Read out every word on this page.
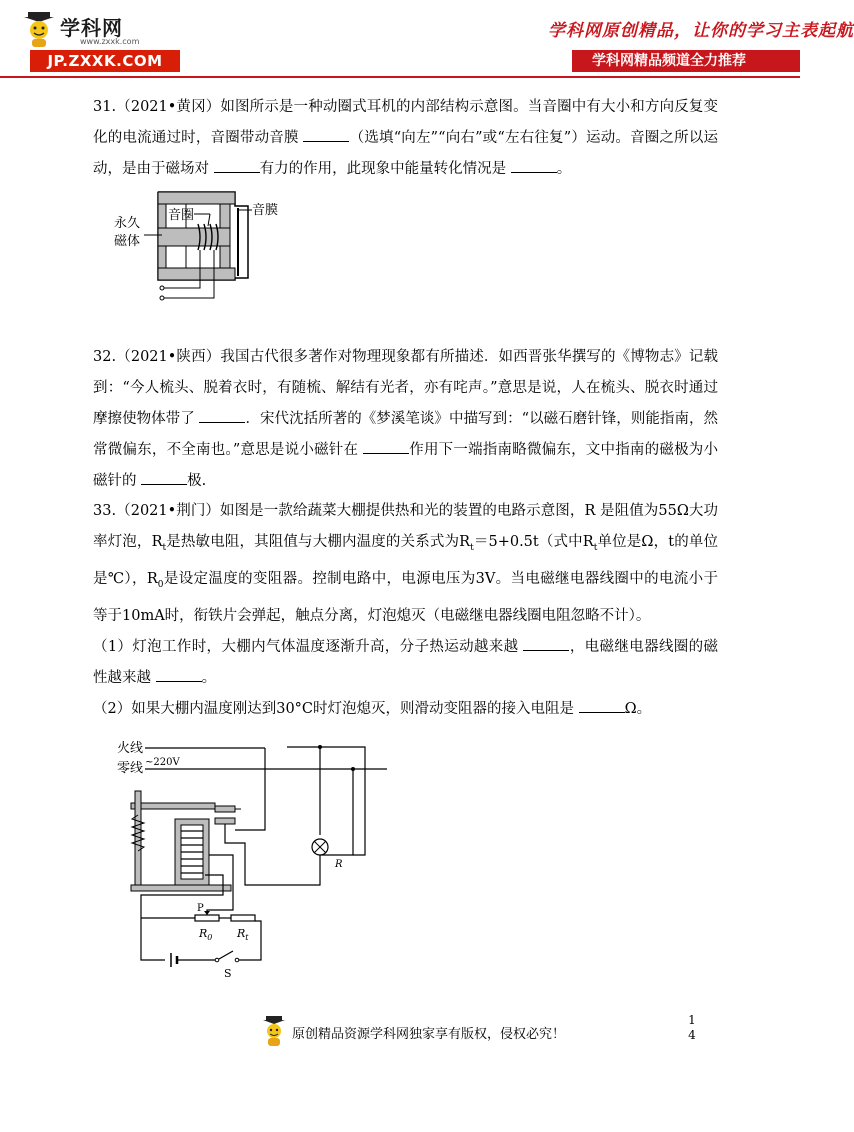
学科网
www.zxxk.com
JP.ZXXK.COM
学科网原创精品，让你的学习主表起航
学科网精品频道全力推荐

31.（2021•黄冈）如图所示是一种动圈式耳机的内部结构示意图。当音圈中有大小和方向反复变化的电流通过时，音圈带动音膜	（选填“向左”“向右”或“左右往复”）运动。音圈之所以运动，是由于磁场对	有力的作用，此现象中能量转化情况是	。

音圈	音膜
永久
磁体

32.（2021•陕西）我国古代很多著作对物理现象都有所描述．如西晋张华撰写的《博物志》记载到：“今人梳头、脱着衣时，有随梳、解结有光者，亦有咤声。”意思是说，人在梳头、脱衣时通过摩擦使物体带了	．宋代沈括所著的《梦溪笔谈》中描写到：“以磁石磨针锋，则能指南，然常微偏东，不全南也。”意思是说小磁针在	作用下一端指南略微偏东，文中指南的磁极为小磁针的	极.

33.（2021•荆门）如图是一款给蔬菜大棚提供热和光的装置的电路示意图，R 是阻值为55Ω大功率灯泡，$R_t$是热敏电阻，其阻值与大棚内温度的关系式为$R_t=5+0.5t$（式中$R_t$单位是Ω，t的单位是℃），$R_0$是设定温度的变阻器。控制电路中，电源电压为3V。当电磁继电器线圈中的电流小于等于10mA时，衔铁片会弹起，触点分离，灯泡熄灭（电磁继电器线圈电阻忽略不计）。

（1）灯泡工作时，大棚内气体温度逐渐升高，分子热运动越来越	，电磁继电器线圈的磁性越来越	。

（2）如果大棚内温度刚达到30°C时灯泡熄灭，则滑动变阻器的接入电阻是	Ω。

火线
零线 ~220V
R
S
P
$R_0$ $R_t$
原创精品资源学科网独家享有版权，侵权必究！
1
4
